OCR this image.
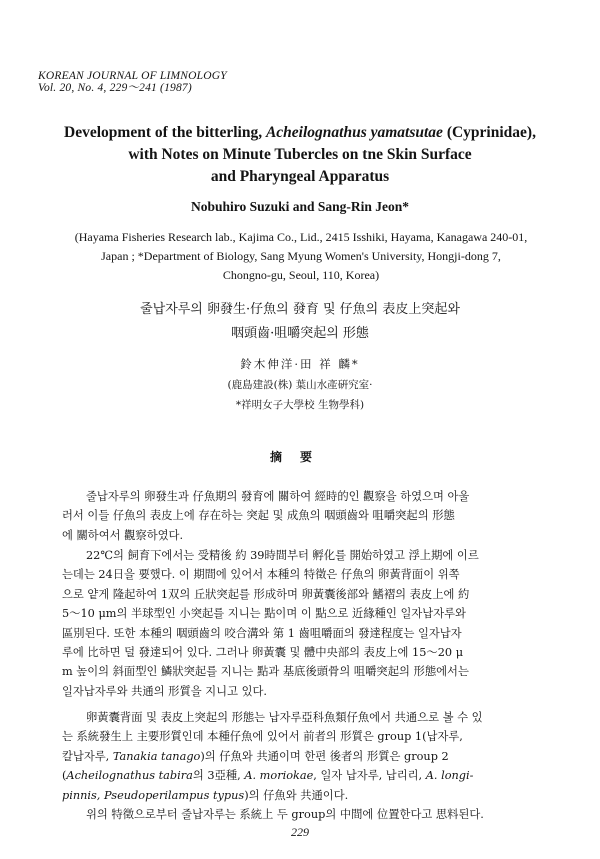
KOREAN JOURNAL OF LIMNOLOGY
Vol. 20, No. 4, 229～241 (1987)
Development of the bitterling, Acheilognathus yamatsutae (Cyprinidae),
with Notes on Minute Tubercles on tne Skin Surface
and Pharyngeal Apparatus
Nobuhiro Suzuki and Sang-Rin Jeon*
(Hayama Fisheries Research lab., Kajima Co., Lid., 2415 Isshiki, Hayama, Kanagawa 240-01,
Japan ; *Department of Biology, Sang Myung Women's University, Hongji-dong 7,
Chongno-gu, Seoul, 110, Korea)
줄납자루의 卵發生·仔魚의 發育 및 仔魚의 表皮上突起와
咽頭齒·咀嚼突起의 形態
鈴木伸洋·田 祥 麟*
(鹿島建設(株) 葉山水產硏究室·
*祥明女子大學校 生物學科)
摘要
줄납자루의 卵發生과 仔魚期의 發育에 關하여 經時的인 觀察을 하였으며 아울
러서 이들 仔魚의 表皮上에 存在하는 突起 및 成魚의 咽頭齒와 咀嚼突起의 形態
에 關하여서 觀察하였다.
22℃의 飼育下에서는 受精後 約 39時間부터 孵化를 開始하였고 浮上期에 이르
는데는 24日을 要했다. 이 期間에 있어서 本種의 特徵은 仔魚의 卵黃背面이 위쪽
으로 얕게 隆起하여 1双의 丘狀突起를 形成하며 卵黃囊後部와 鰭褶의 表皮上에 約
5～10 μm의 半球型인 小突起를 지니는 點이며 이 點으로 近緣種인 일자납자루와
區別된다. 또한 本種의 咽頭齒의 咬合溝와 第 1 齒咀嚼面의 發達程度는 일자납자
루에 比하면 덜 發達되어 있다. 그러나 卵黃囊 및 體中央部의 表皮上에 15～20 μ
m 높이의 斜面型인 鱗狀突起를 지니는 點과 基底後頭骨의 咀嚼突起의 形態에서는
일자납자루와 共通의 形質을 지니고 있다.
卵黃囊背面 및 表皮上突起의 形態는 납자루亞科魚類仔魚에서 共通으로 볼 수 있
는 系統發生上 主要形質인데 本種仔魚에 있어서 前者의 形質은 group 1(납자루,
칼납자루, Tanakia tanago)의 仔魚와 共通이며 한편 後者의 形質은 group 2
(Acheilognathus tabira의 3亞種, A. moriokae, 일자 납자루, 납리리, A. longi-
pinnis, Pseudoperilampus typus)의 仔魚와 共通이다.
위의 特徵으로부터 줄납자루는 系統上 두 group의 中間에 位置한다고 思料된다.
229
